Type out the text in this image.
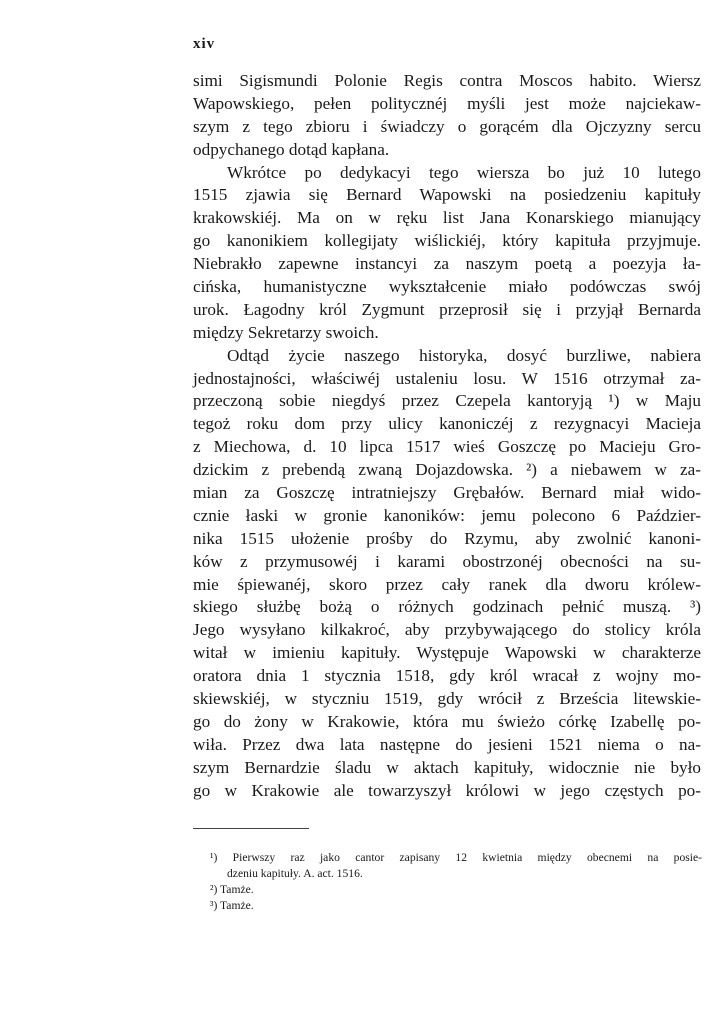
xiv
simi Sigismundi Polonie Regis contra Moscos habito. Wiersz
Wapowskiego, pełen politycznéj myśli jest może najciekaw-
szym z tego zbioru i świadczy o gorącém dla Ojczyzny sercu
odpychanego dotąd kapłana.
Wkrótce po dedykacyi tego wiersza bo już 10 lutego
1515 zjawia się Bernard Wapowski na posiedzeniu kapituły
krakowskiéj. Ma on w ręku list Jana Konarskiego mianujący
go kanonikiem kollegijaty wiślickiéj, który kapituła przyjmuje.
Niebrakło zapewne instancyi za naszym poetą a poezyja ła-
cińska, humanistyczne wykształcenie miało podówczas swój
urok. Łagodny król Zygmunt przeprosił się i przyjął Bernarda
między Sekretarzy swoich.
Odtąd życie naszego historyka, dosyć burzliwe, nabiera
jednostajności, właściwéj ustaleniu losu. W 1516 otrzymał za-
przeczoną sobie niegdyś przez Czepela kantoryją ¹) w Maju
tegoż roku dom przy ulicy kanoniczéj z rezygnacyi Macieja
z Miechowa, d. 10 lipca 1517 wieś Goszczę po Macieju Gro-
dzickim z prebendą zwaną Dojazdowska. ²) a niebawem w za-
mian za Goszczę intratniejszy Grębałów. Bernard miał wido-
cznie łaski w gronie kanoników: jemu polecono 6 Paździer-
nika 1515 ułożenie prośby do Rzymu, aby zwolnić kanoni-
ków z przymusowéj i karami obostrzonéj obecności na su-
mie śpiewanéj, skoro przez cały ranek dla dworu królew-
skiego służbę bożą o różnych godzinach pełnić muszą. ³)
Jego wysyłano kilkakroć, aby przybywającego do stolicy króla
witał w imieniu kapituły. Występuje Wapowski w charakterze
oratora dnia 1 stycznia 1518, gdy król wracał z wojny mo-
skiewskiéj, w styczniu 1519, gdy wrócił z Brześcia litewskie-
go do żony w Krakowie, która mu świeżo córkę Izabellę po-
wiła. Przez dwa lata następne do jesieni 1521 niema o na-
szym Bernardzie śladu w aktach kapituły, widocznie nie było
go w Krakowie ale towarzyszył królowi w jego częstych po-
¹) Pierwszy raz jako cantor zapisany 12 kwietnia między obecnemi na posie-
dzeniu kapituły. A. act. 1516.
²) Tamże.
³) Tamże.
